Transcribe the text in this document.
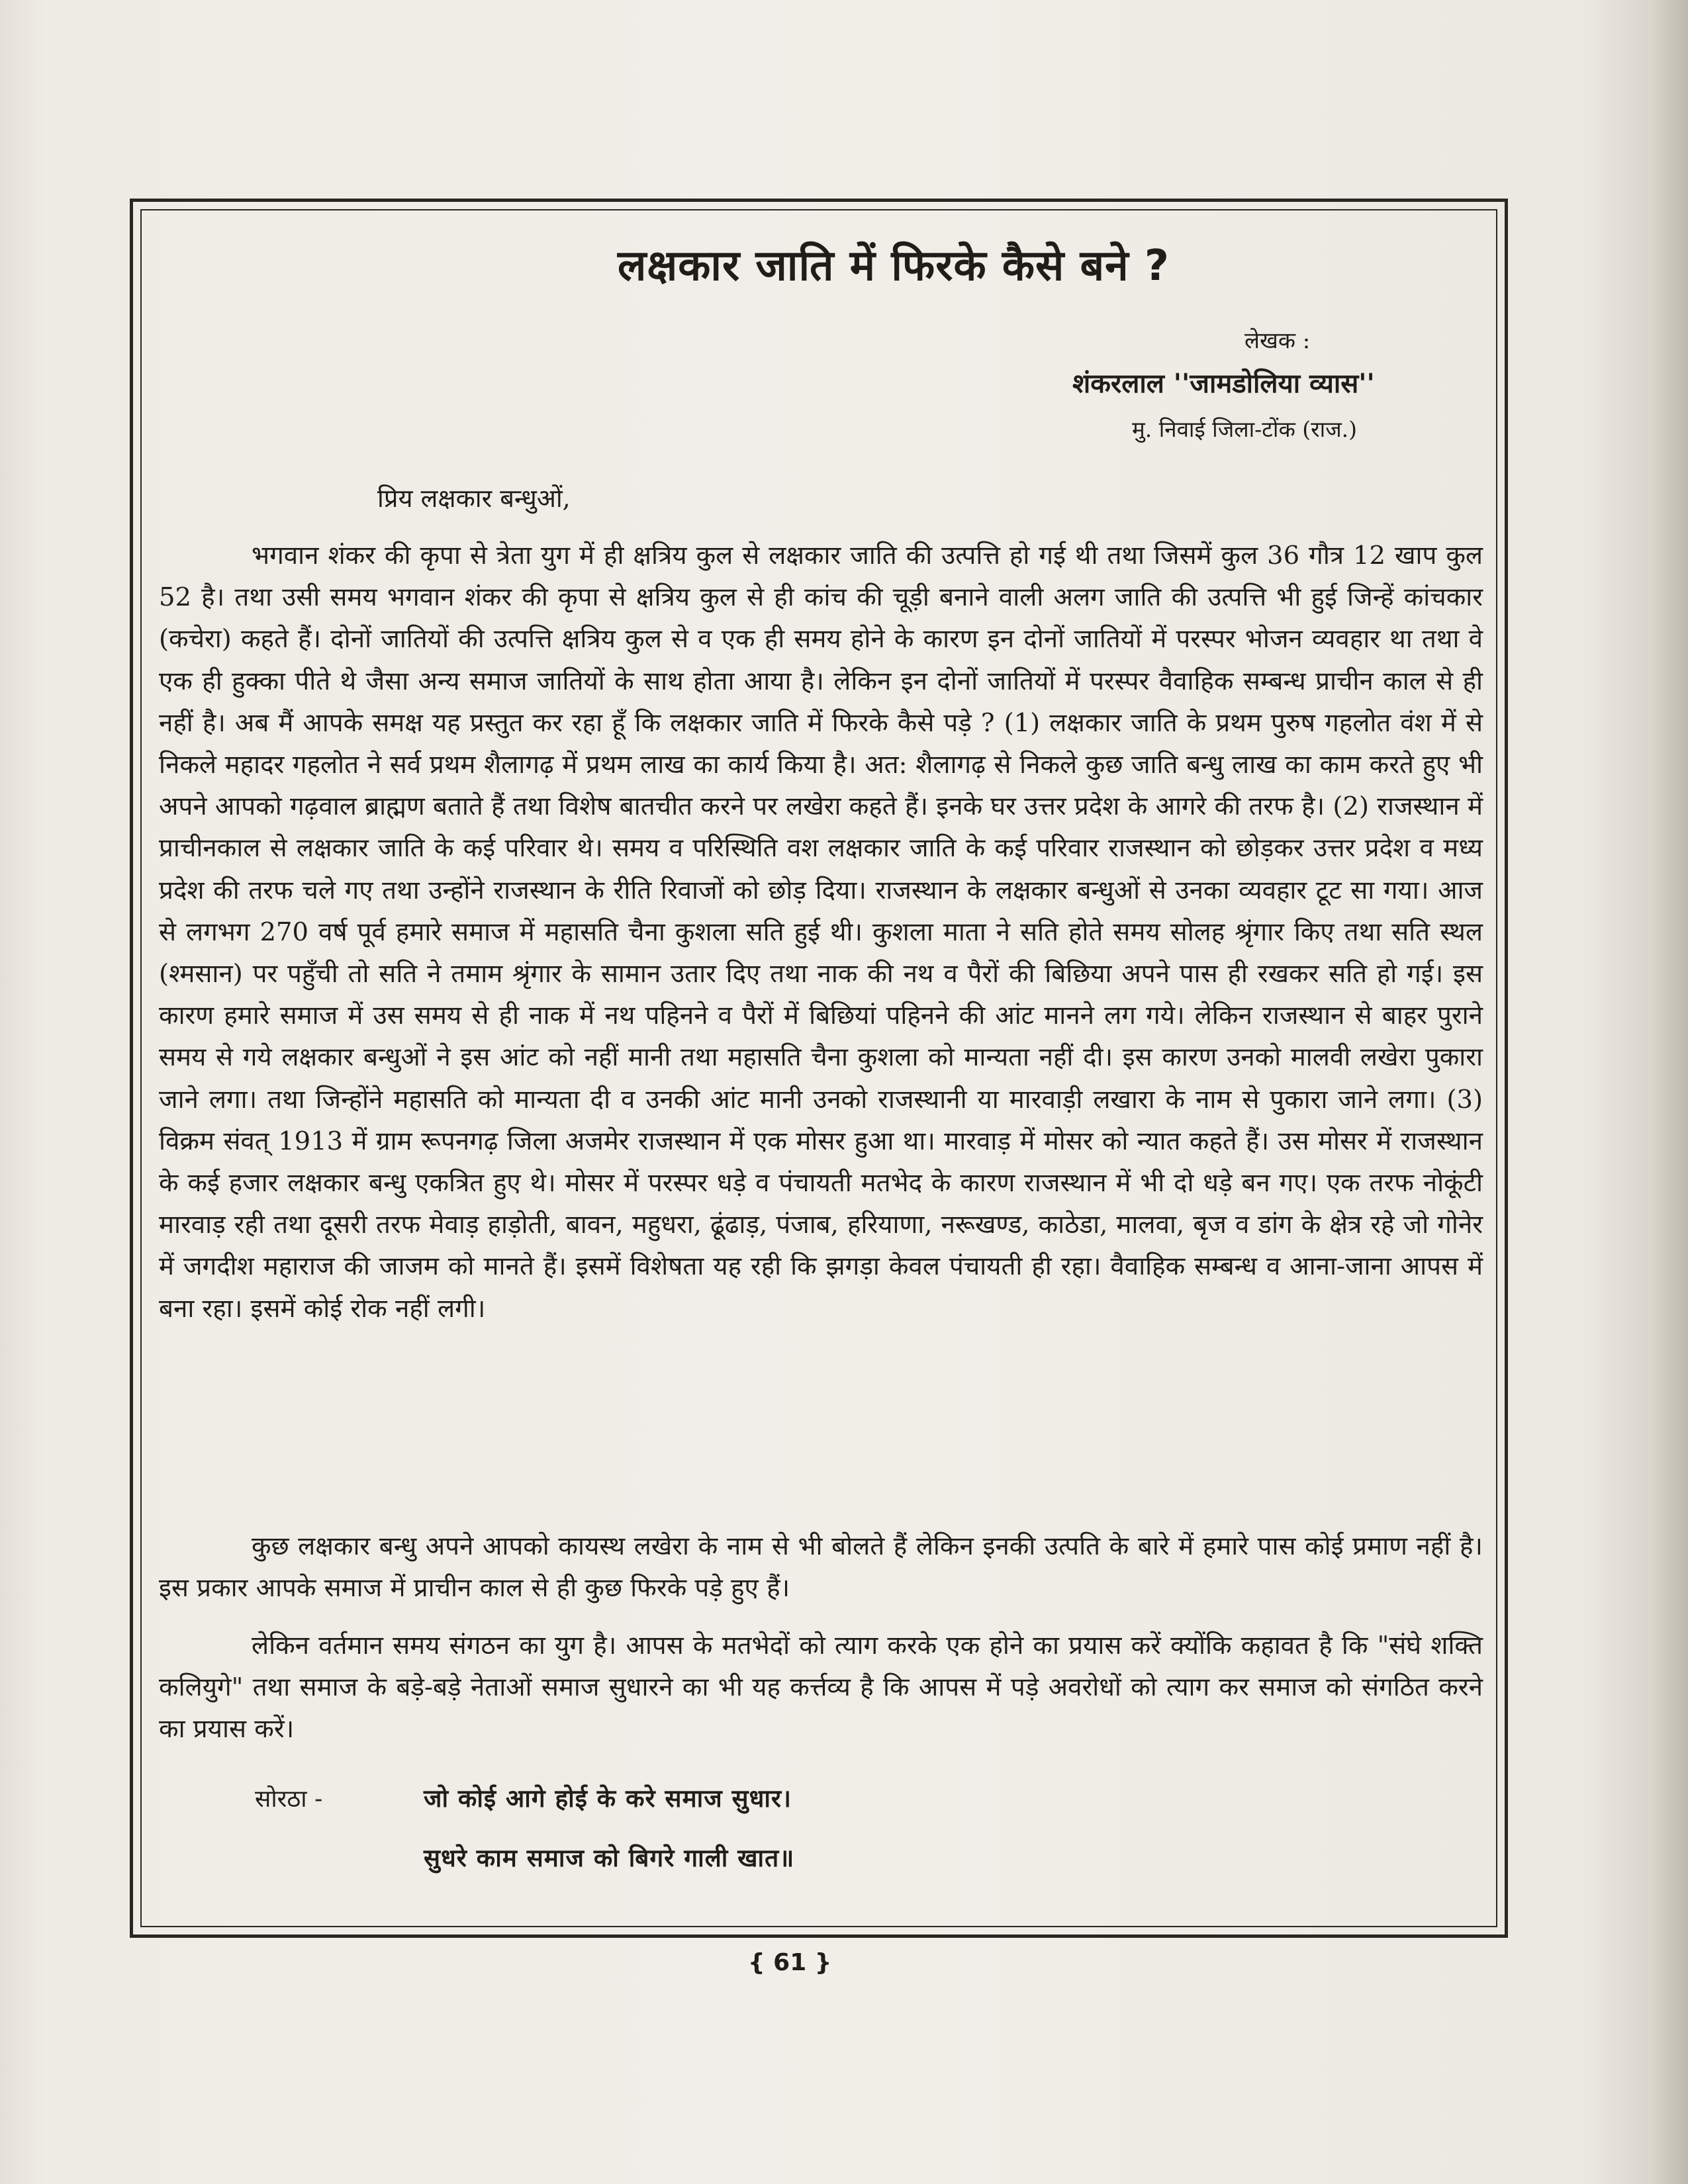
लक्षकार जाति में फिरके कैसे बने ?
लेखक :
शंकरलाल ''जामडोलिया व्यास''
मु. निवाई जिला-टोंक (राज.)
प्रिय लक्षकार बन्धुओं,

भगवान शंकर की कृपा से त्रेता युग में ही क्षत्रिय कुल से लक्षकार जाति की उत्पत्ति हो गई थी तथा जिसमें कुल 36 गौत्र 12 खाप कुल 52 है। तथा उसी समय भगवान शंकर की कृपा से क्षत्रिय कुल से ही कांच की चूड़ी बनाने वाली अलग जाति की उत्पत्ति भी हुई जिन्हें कांचकार (कचेरा) कहते हैं। दोनों जातियों की उत्पत्ति क्षत्रिय कुल से व एक ही समय होने के कारण इन दोनों जातियों में परस्पर भोजन व्यवहार था तथा वे एक ही हुक्का पीते थे जैसा अन्य समाज जातियों के साथ होता आया है। लेकिन इन दोनों जातियों में परस्पर वैवाहिक सम्बन्ध प्राचीन काल से ही नहीं है। अब मैं आपके समक्ष यह प्रस्तुत कर रहा हूँ कि लक्षकार जाति में फिरके कैसे पड़े ? (1) लक्षकार जाति के प्रथम पुरुष गहलोत वंश में से निकले महादर गहलोत ने सर्व प्रथम शैलागढ़ में प्रथम लाख का कार्य किया है। अत: शैलागढ़ से निकले कुछ जाति बन्धु लाख का काम करते हुए भी अपने आपको गढ़वाल ब्राह्मण बताते हैं तथा विशेष बातचीत करने पर लखेरा कहते हैं। इनके घर उत्तर प्रदेश के आगरे की तरफ है। (2) राजस्थान में प्राचीनकाल से लक्षकार जाति के कई परिवार थे। समय व परिस्थिति वश लक्षकार जाति के कई परिवार राजस्थान को छोड़कर उत्तर प्रदेश व मध्य प्रदेश की तरफ चले गए तथा उन्होंने राजस्थान के रीति रिवाजों को छोड़ दिया। राजस्थान के लक्षकार बन्धुओं से उनका व्यवहार टूट सा गया। आज से लगभग 270 वर्ष पूर्व हमारे समाज में महासति चैना कुशला सति हुई थी। कुशला माता ने सति होते समय सोलह श्रृंगार किए तथा सति स्थल (श्मसान) पर पहुँची तो सति ने तमाम श्रृंगार के सामान उतार दिए तथा नाक की नथ व पैरों की बिछिया अपने पास ही रखकर सति हो गई। इस कारण हमारे समाज में उस समय से ही नाक में नथ पहिनने व पैरों में बिछियां पहिनने की आंट मानने लग गये। लेकिन राजस्थान से बाहर पुराने समय से गये लक्षकार बन्धुओं ने इस आंट को नहीं मानी तथा महासति चैना कुशला को मान्यता नहीं दी। इस कारण उनको मालवी लखेरा पुकारा जाने लगा। तथा जिन्होंने महासति को मान्यता दी व उनकी आंट मानी उनको राजस्थानी या मारवाड़ी लखारा के नाम से पुकारा जाने लगा। (3) विक्रम संवत् 1913 में ग्राम रूपनगढ़ जिला अजमेर राजस्थान में एक मोसर हुआ था। मारवाड़ में मोसर को न्यात कहते हैं। उस मोसर में राजस्थान के कई हजार लक्षकार बन्धु एकत्रित हुए थे। मोसर में परस्पर धड़े व पंचायती मतभेद के कारण राजस्थान में भी दो धड़े बन गए। एक तरफ नोकूंटी मारवाड़ रही तथा दूसरी तरफ मेवाड़ हाड़ोती, बावन, महुधरा, ढूंढाड़, पंजाब, हरियाणा, नरूखण्ड, काठेडा, मालवा, बृज व डांग के क्षेत्र रहे जो गोनेर में जगदीश महाराज की जाजम को मानते हैं। इसमें विशेषता यह रही कि झगड़ा केवल पंचायती ही रहा। वैवाहिक सम्बन्ध व आना-जाना आपस में बना रहा। इसमें कोई रोक नहीं लगी।

कुछ लक्षकार बन्धु अपने आपको कायस्थ लखेरा के नाम से भी बोलते हैं लेकिन इनकी उत्पति के बारे में हमारे पास कोई प्रमाण नहीं है। इस प्रकार आपके समाज में प्राचीन काल से ही कुछ फिरके पड़े हुए हैं।

लेकिन वर्तमान समय संगठन का युग है। आपस के मतभेदों को त्याग करके एक होने का प्रयास करें क्योंकि कहावत है कि "संघे शक्ति कलियुगे" तथा समाज के बड़े-बड़े नेताओं समाज सुधारने का भी यह कर्त्तव्य है कि आपस में पड़े अवरोधों को त्याग कर समाज को संगठित करने का प्रयास करें।

सोरठा -	जो कोई आगे होई के करे समाज सुधार।
सुधरे काम समाज को बिगरे गाली खात॥
{ 61 }
